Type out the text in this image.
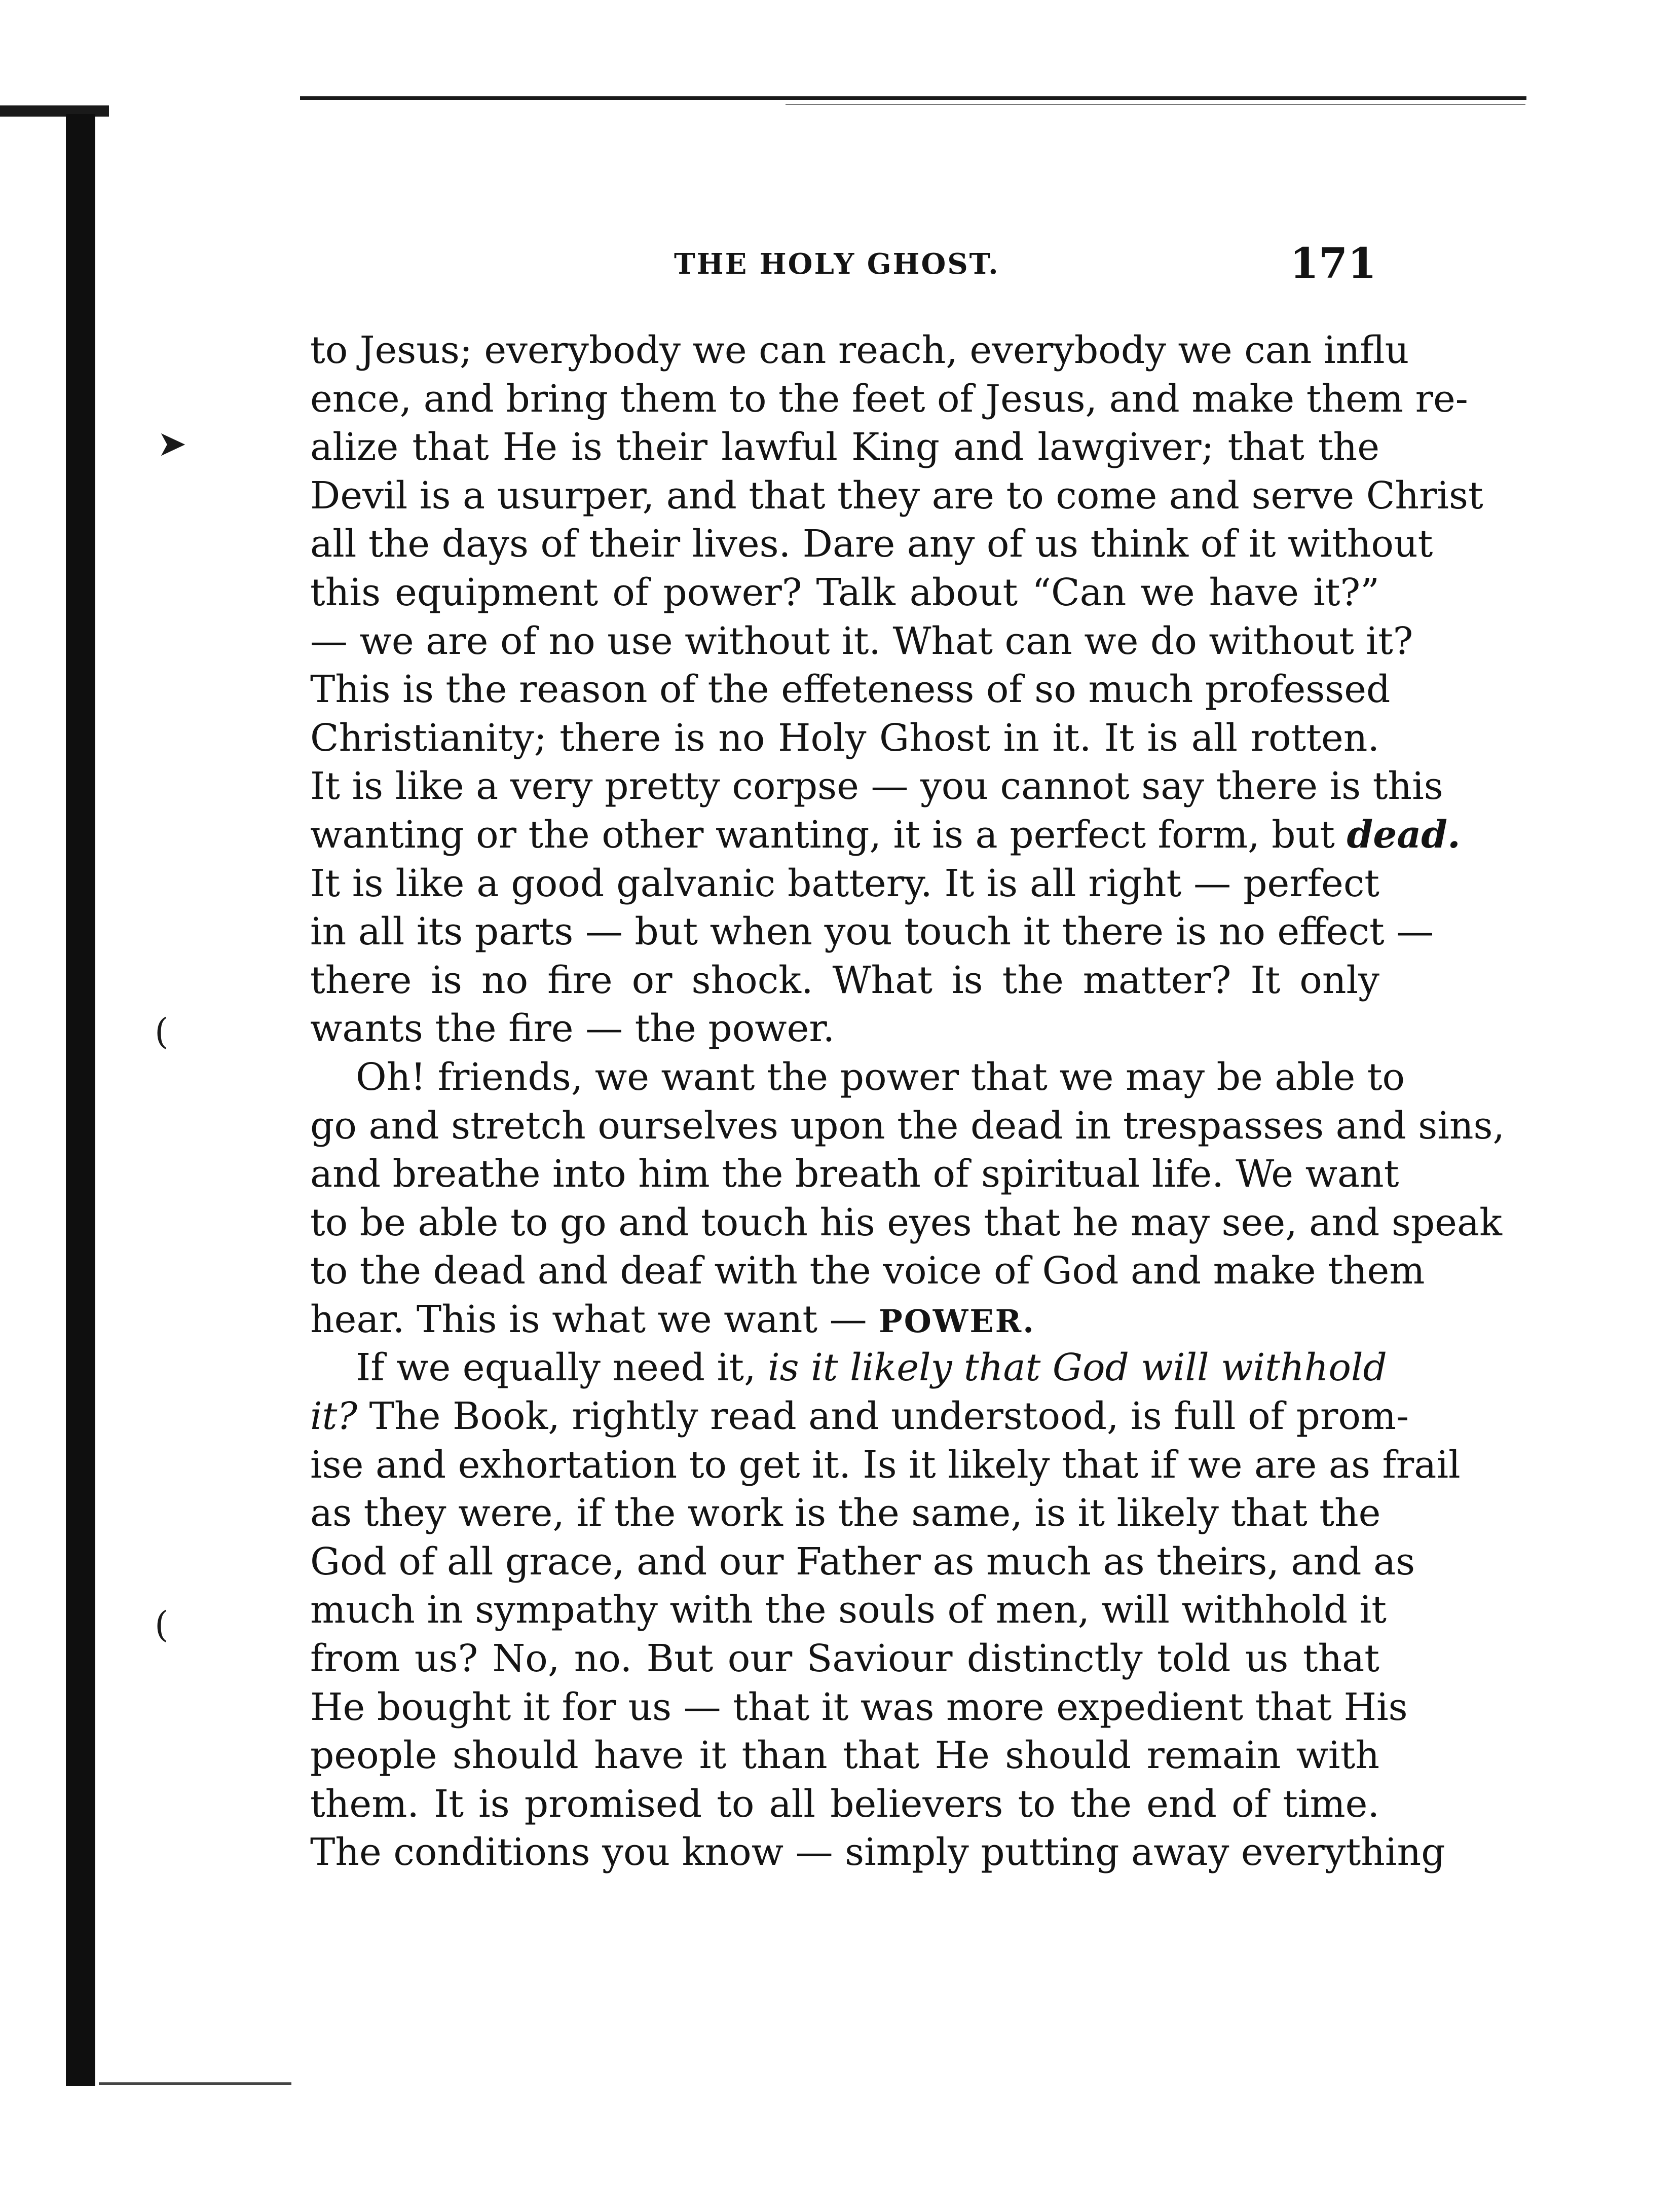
➤
(
(
THE HOLY GHOST.	171
to Jesus; everybody we can reach, everybody we can influ
ence, and bring them to the feet of Jesus, and make them re-
alize that He is their lawful King and lawgiver; that the
Devil is a usurper, and that they are to come and serve Christ
all the days of their lives. Dare any of us think of it without
this equipment of power? Talk about “Can we have it?”
— we are of no use without it. What can we do without it?
This is the reason of the effeteness of so much professed
Christianity; there is no Holy Ghost in it. It is all rotten.
It is like a very pretty corpse — you cannot say there is this
wanting or the other wanting, it is a perfect form, but dead.
It is like a good galvanic battery. It is all right — perfect
in all its parts — but when you touch it there is no effect —
there is no fire or shock. What is the matter? It only
wants the fire — the power.
Oh! friends, we want the power that we may be able to
go and stretch ourselves upon the dead in trespasses and sins,
and breathe into him the breath of spiritual life. We want
to be able to go and touch his eyes that he may see, and speak
to the dead and deaf with the voice of God and make them
hear. This is what we want — POWER.
If we equally need it, is it likely that God will withhold
it? The Book, rightly read and understood, is full of prom-
ise and exhortation to get it. Is it likely that if we are as frail
as they were, if the work is the same, is it likely that the
God of all grace, and our Father as much as theirs, and as
much in sympathy with the souls of men, will withhold it
from us? No, no. But our Saviour distinctly told us that
He bought it for us — that it was more expedient that His
people should have it than that He should remain with
them. It is promised to all believers to the end of time.
The conditions you know — simply putting away everything
